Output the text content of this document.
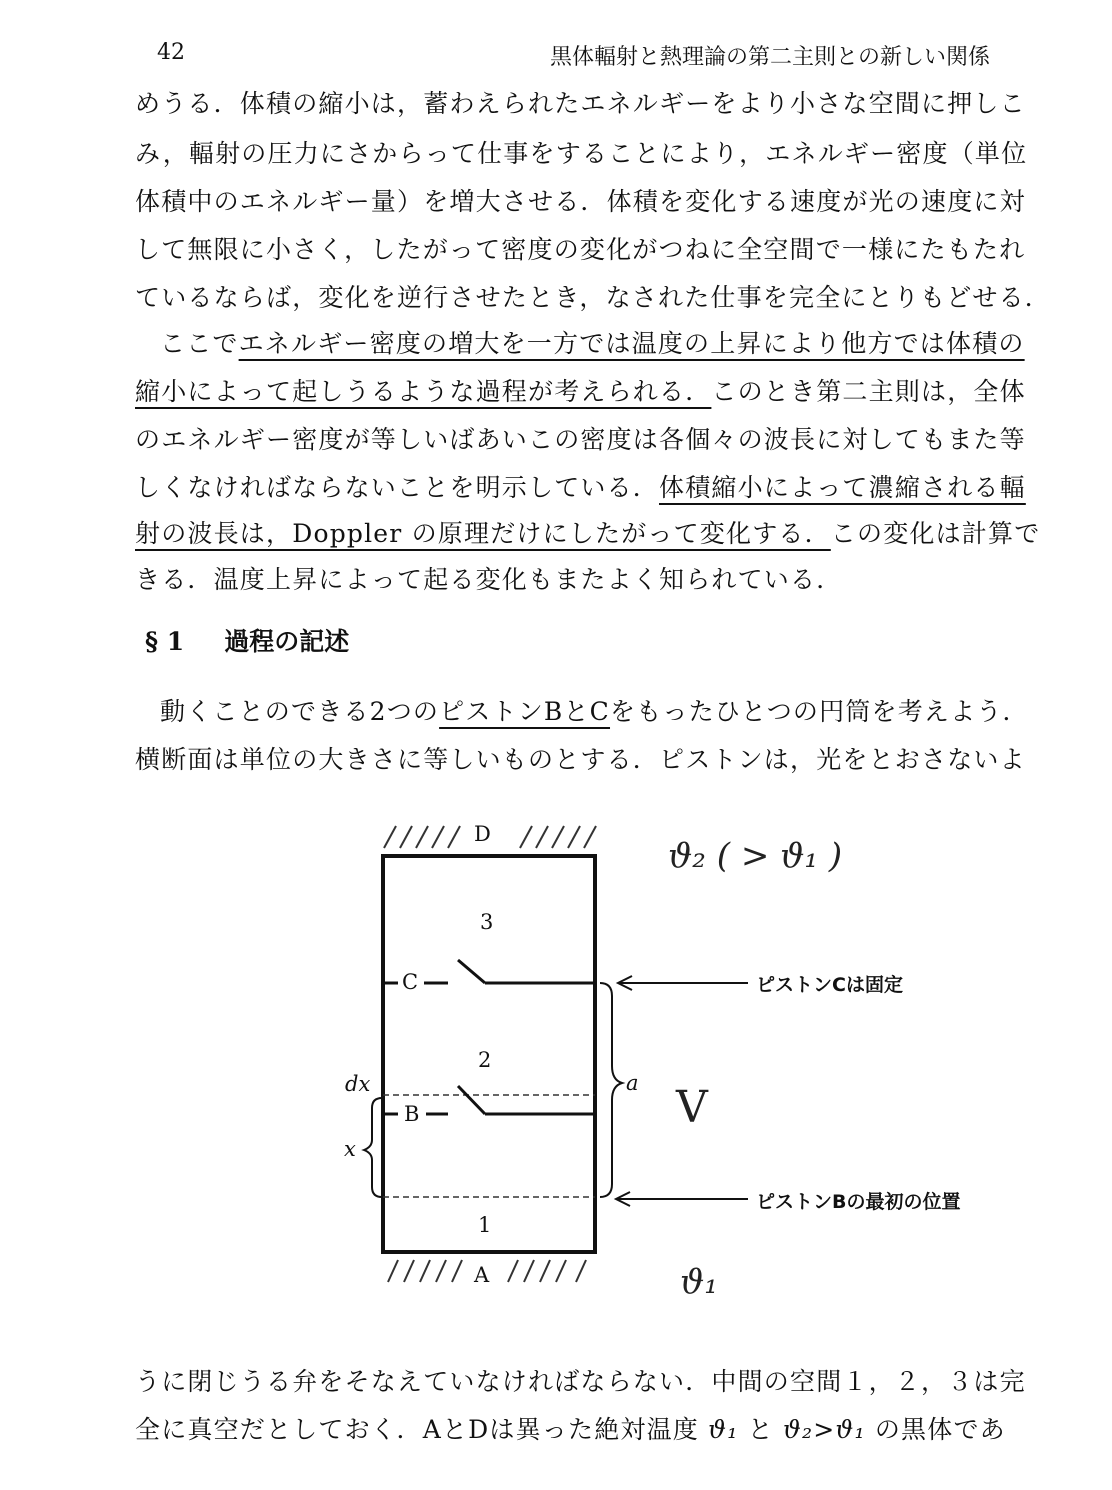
42	黒体輻射と熱理論の第二主則との新しい関係
めうる．体積の縮小は，蓄わえられたエネルギーをより小さな空間に押しこ
み，輻射の圧力にさからって仕事をすることにより，エネルギー密度（単位
体積中のエネルギー量）を増大させる．体積を変化する速度が光の速度に対
して無限に小さく，したがって密度の変化がつねに全空間で一様にたもたれ
ているならば，変化を逆行させたとき，なされた仕事を完全にとりもどせる．
ここでエネルギー密度の増大を一方では温度の上昇により他方では体積の
縮小によって起しうるような過程が考えられる．このとき第二主則は，全体
のエネルギー密度が等しいばあいこの密度は各個々の波長に対してもまた等
しくなければならないことを明示している．体積縮小によって濃縮される輻
射の波長は，Doppler の原理だけにしたがって変化する．この変化は計算で
きる．温度上昇によって起る変化もまたよく知られている．
§ 1 過程の記述
動くことのできる2つのピストンBとCをもったひとつの円筒を考えよう．
横断面は単位の大きさに等しいものとする．ピストンは，光をとおさないよ
D
A
C
B
3
2
1
dx
x
a
ピストンCは固定
ピストンBの最初の位置
ϑ₂ ( > ϑ₁ )
V
ϑ₁
うに閉じうる弁をそなえていなければならない．中間の空間１，２，３は完
全に真空だとしておく．AとDは異った絶対温度 ϑ₁ と ϑ₂>ϑ₁ の黒体であ
